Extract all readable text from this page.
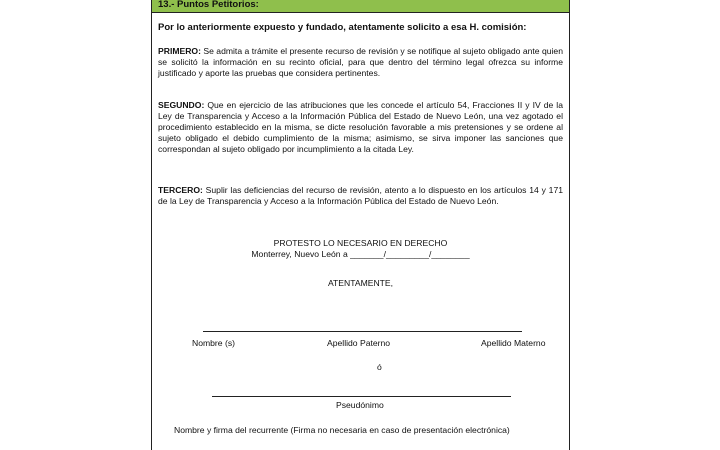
13.- Puntos Petitorios:
Por lo anteriormente expuesto y fundado, atentamente solicito a esa H. comisión:
PRIMERO: Se admita a trámite el presente recurso de revisión y se notifique al sujeto obligado ante quien se solicitó la información en su recinto oficial, para que dentro del término legal ofrezca su informe justificado y aporte las pruebas que considera pertinentes.
SEGUNDO: Que en ejercicio de las atribuciones que les concede el artículo 54, Fracciones II y IV de la Ley de Transparencia y Acceso a la Información Pública del Estado de Nuevo León, una vez agotado el procedimiento establecido en la misma, se dicte resolución favorable a mis pretensiones y se ordene al sujeto obligado el debido cumplimiento de la misma; asimismo, se sirva imponer las sanciones que correspondan al sujeto obligado por incumplimiento a la citada Ley.
TERCERO: Suplir las deficiencias del recurso de revisión, atento a lo dispuesto en los artículos 14 y 171 de la Ley de Transparencia y Acceso a la Información Pública del Estado de Nuevo León.
PROTESTO LO NECESARIO EN DERECHO
Monterrey, Nuevo León a _______/_________/________
ATENTAMENTE,
Nombre (s)	Apellido Paterno	Apellido Materno
ó
Pseudónimo
Nombre y firma del recurrente (Firma no necesaria en caso de presentación electrónica)
